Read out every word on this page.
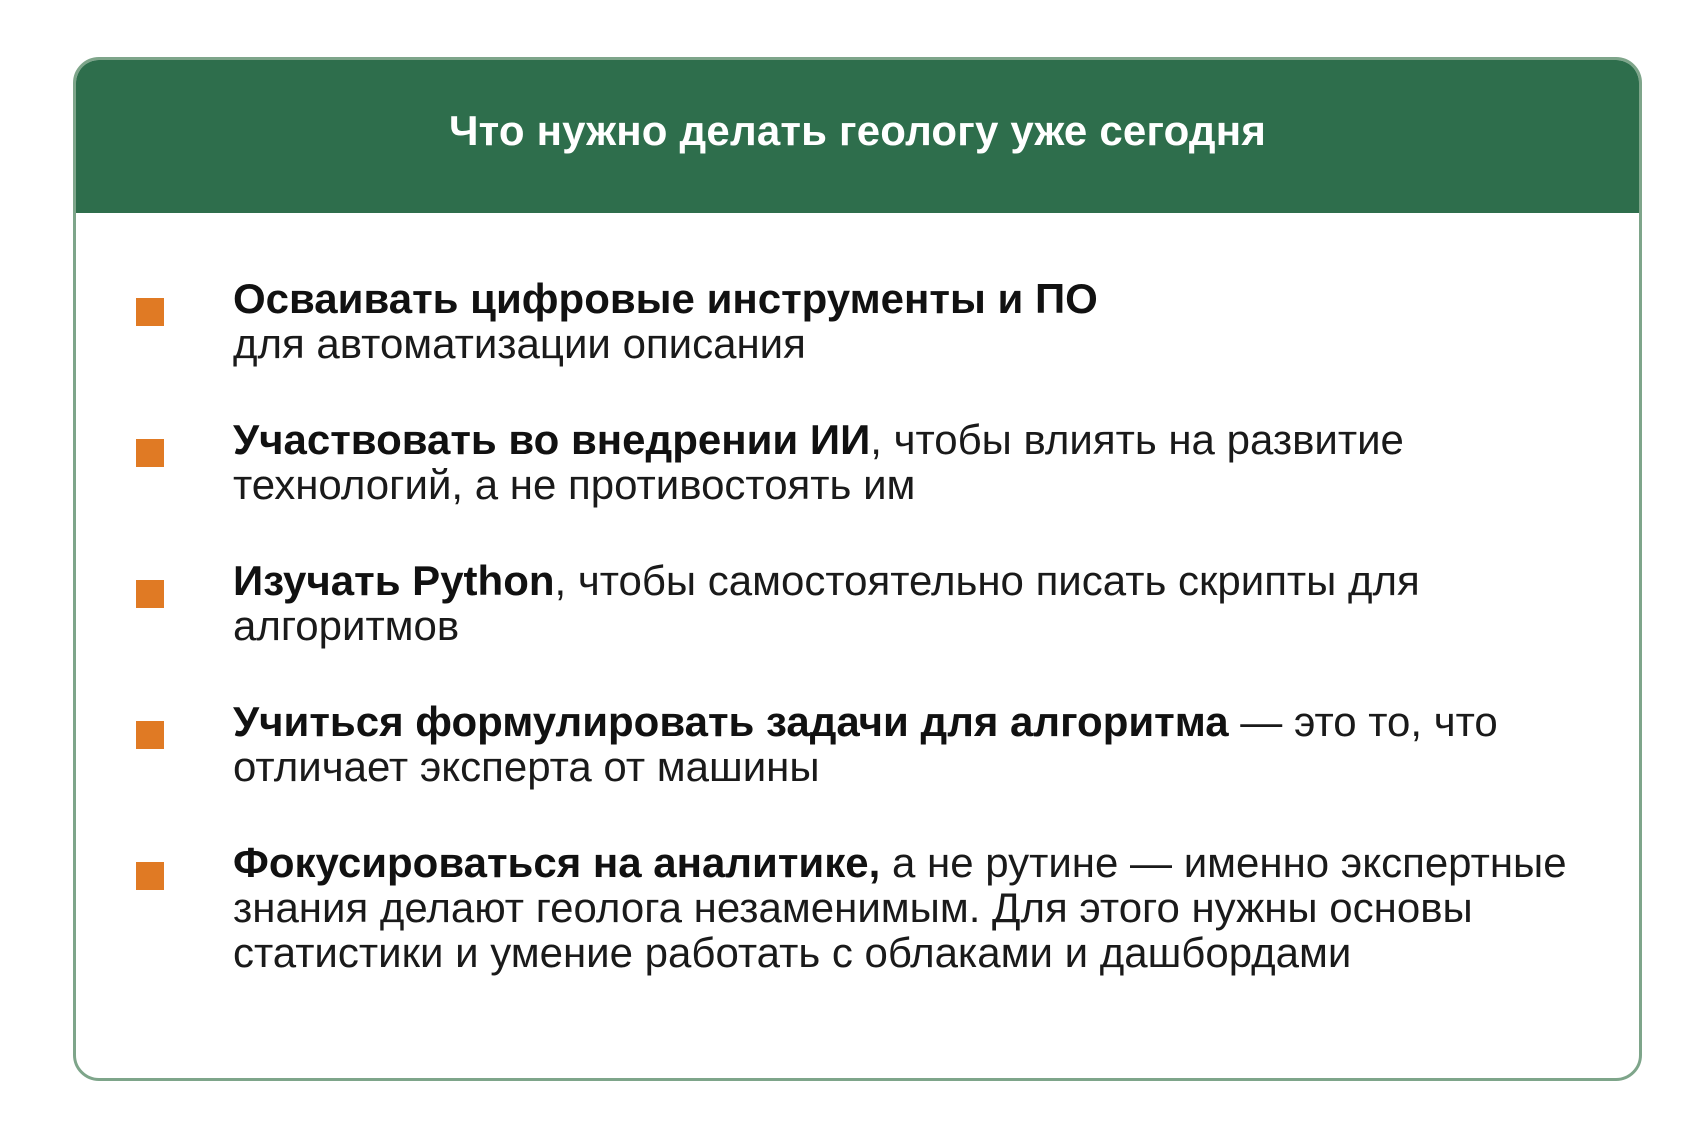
Что нужно делать геологу уже сегодня
Осваивать цифровые инструменты и ПО
для автоматизации описания
Участвовать во внедрении ИИ, чтобы влиять на развитие технологий, а не противостоять им
Изучать Python, чтобы самостоятельно писать скрипты для алгоритмов
Учиться формулировать задачи для алгоритма — это то, что отличает эксперта от машины
Фокусироваться на аналитике, а не рутине — именно экспертные знания делают геолога незаменимым. Для этого нужны основы статистики и умение работать с облаками и дашбордами
